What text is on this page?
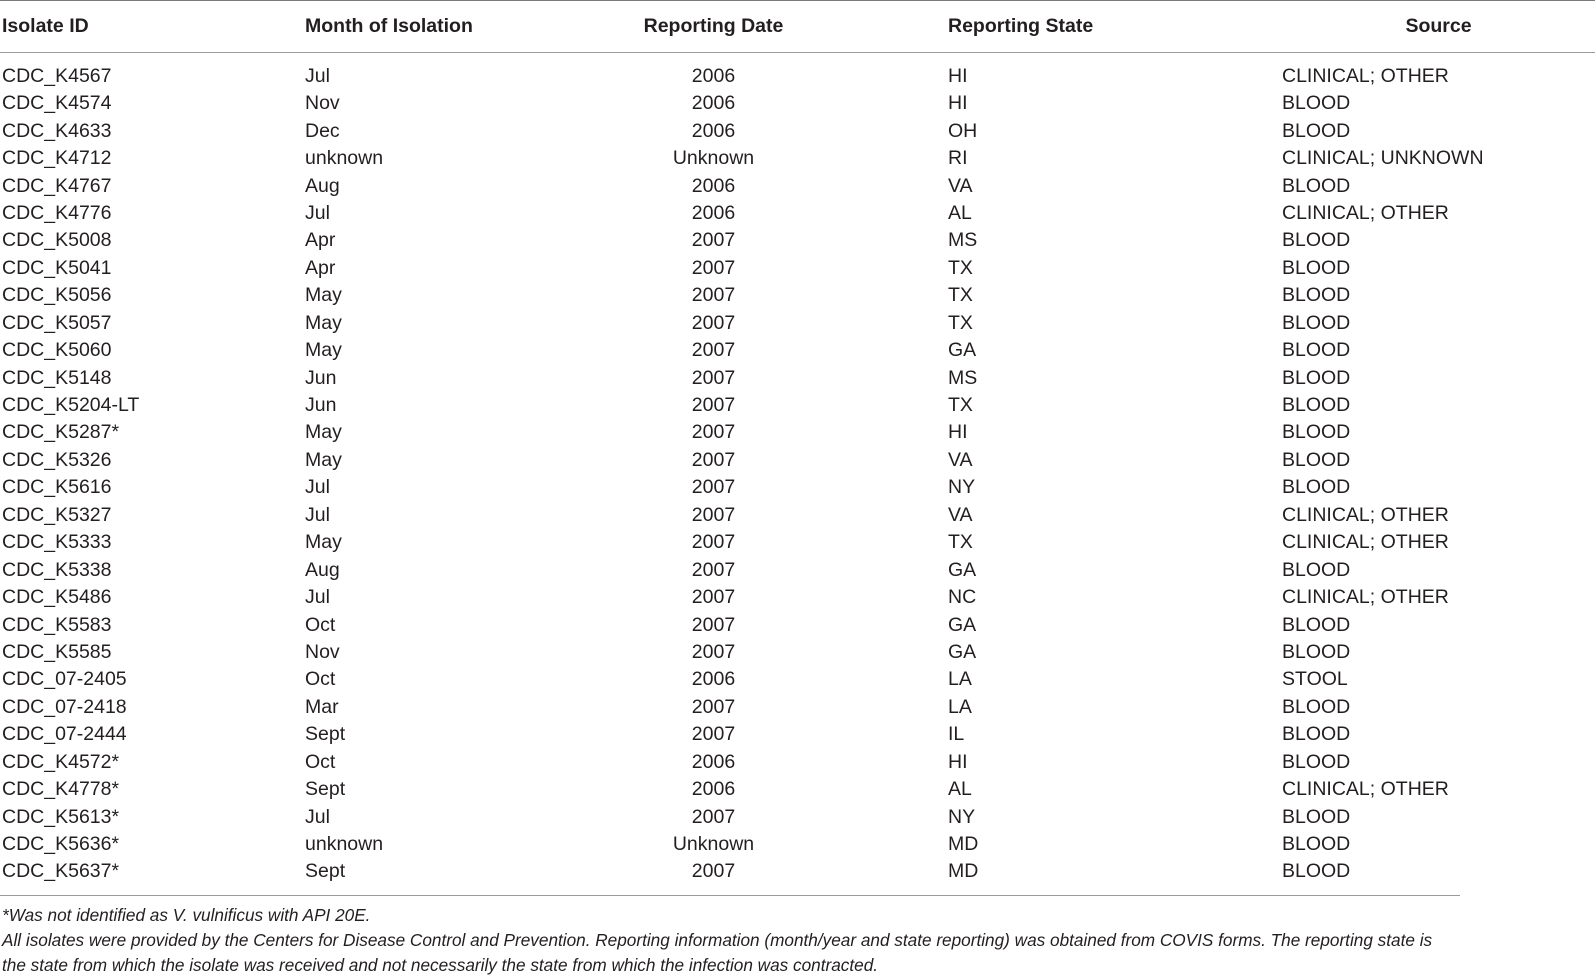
Isolate ID	Month of Isolation	Reporting Date	Reporting State	Source
CDC_K4567	Jul	2006	HI	CLINICAL; OTHER
CDC_K4574	Nov	2006	HI	BLOOD
CDC_K4633	Dec	2006	OH	BLOOD
CDC_K4712	unknown	Unknown	RI	CLINICAL; UNKNOWN
CDC_K4767	Aug	2006	VA	BLOOD
CDC_K4776	Jul	2006	AL	CLINICAL; OTHER
CDC_K5008	Apr	2007	MS	BLOOD
CDC_K5041	Apr	2007	TX	BLOOD
CDC_K5056	May	2007	TX	BLOOD
CDC_K5057	May	2007	TX	BLOOD
CDC_K5060	May	2007	GA	BLOOD
CDC_K5148	Jun	2007	MS	BLOOD
CDC_K5204-LT	Jun	2007	TX	BLOOD
CDC_K5287*	May	2007	HI	BLOOD
CDC_K5326	May	2007	VA	BLOOD
CDC_K5616	Jul	2007	NY	BLOOD
CDC_K5327	Jul	2007	VA	CLINICAL; OTHER
CDC_K5333	May	2007	TX	CLINICAL; OTHER
CDC_K5338	Aug	2007	GA	BLOOD
CDC_K5486	Jul	2007	NC	CLINICAL; OTHER
CDC_K5583	Oct	2007	GA	BLOOD
CDC_K5585	Nov	2007	GA	BLOOD
CDC_07-2405	Oct	2006	LA	STOOL
CDC_07-2418	Mar	2007	LA	BLOOD
CDC_07-2444	Sept	2007	IL	BLOOD
CDC_K4572*	Oct	2006	HI	BLOOD
CDC_K4778*	Sept	2006	AL	CLINICAL; OTHER
CDC_K5613*	Jul	2007	NY	BLOOD
CDC_K5636*	unknown	Unknown	MD	BLOOD
CDC_K5637*	Sept	2007	MD	BLOOD

*Was not identified as V. vulnificus with API 20E.

All isolates were provided by the Centers for Disease Control and Prevention. Reporting information (month/year and state reporting) was obtained from COVIS forms. The reporting state is the state from which the isolate was received and not necessarily the state from which the infection was contracted.
